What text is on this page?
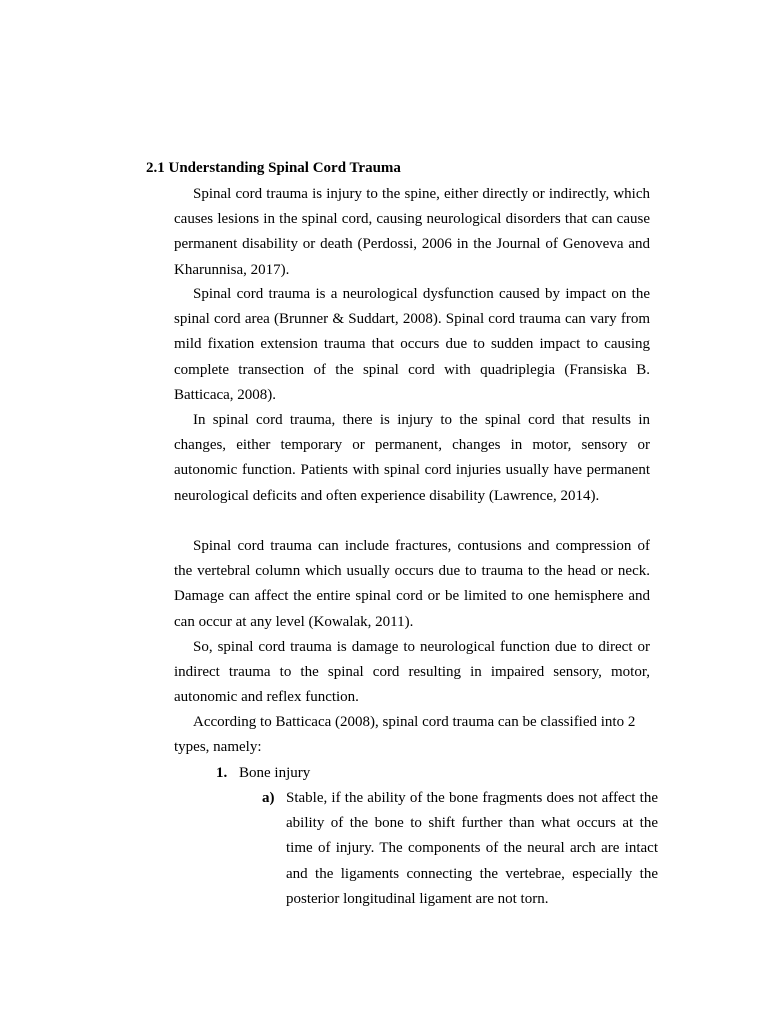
2.1 Understanding Spinal Cord Trauma

Spinal cord trauma is injury to the spine, either directly or indirectly, which causes lesions in the spinal cord, causing neurological disorders that can cause permanent disability or death (Perdossi, 2006 in the Journal of Genoveva and Kharunnisa, 2017).

Spinal cord trauma is a neurological dysfunction caused by impact on the spinal cord area (Brunner & Suddart, 2008). Spinal cord trauma can vary from mild fixation extension trauma that occurs due to sudden impact to causing complete transection of the spinal cord with quadriplegia (Fransiska B. Batticaca, 2008).

In spinal cord trauma, there is injury to the spinal cord that results in changes, either temporary or permanent, changes in motor, sensory or autonomic function. Patients with spinal cord injuries usually have permanent neurological deficits and often experience disability (Lawrence, 2014).

Spinal cord trauma can include fractures, contusions and compression of the vertebral column which usually occurs due to trauma to the head or neck. Damage can affect the entire spinal cord or be limited to one hemisphere and can occur at any level (Kowalak, 2011).

So, spinal cord trauma is damage to neurological function due to direct or indirect trauma to the spinal cord resulting in impaired sensory, motor, autonomic and reflex function.

According to Batticaca (2008), spinal cord trauma can be classified into 2 types, namely:

1. Bone injury
a) Stable, if the ability of the bone fragments does not affect the ability of the bone to shift further than what occurs at the time of injury. The components of the neural arch are intact and the ligaments connecting the vertebrae, especially the posterior longitudinal ligament are not torn.
